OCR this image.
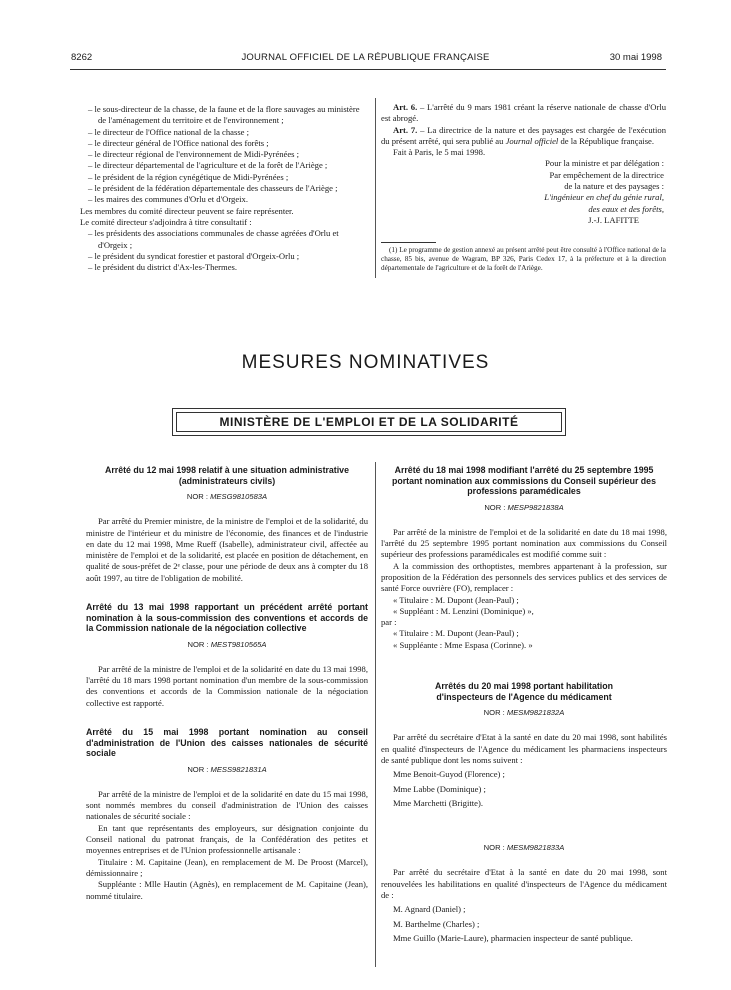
8262	JOURNAL OFFICIEL DE LA RÉPUBLIQUE FRANÇAISE	30 mai 1998
– le sous-directeur de la chasse, de la faune et de la flore sauvages au ministère de l'aménagement du territoire et de l'environnement ;
– le directeur de l'Office national de la chasse ;
– le directeur général de l'Office national des forêts ;
– le directeur régional de l'environnement de Midi-Pyrénées ;
– le directeur départemental de l'agriculture et de la forêt de l'Ariège ;
– le président de la région cynégétique de Midi-Pyrénées ;
– le président de la fédération départementale des chasseurs de l'Ariège ;
– les maires des communes d'Orlu et d'Orgeix.
Les membres du comité directeur peuvent se faire représenter.
Le comité directeur s'adjoindra à titre consultatif :
– les présidents des associations communales de chasse agréées d'Orlu et d'Orgeix ;
– le président du syndicat forestier et pastoral d'Orgeix-Orlu ;
– le président du district d'Ax-les-Thermes.
Art. 6. – L'arrêté du 9 mars 1981 créant la réserve nationale de chasse d'Orlu est abrogé.
Art. 7. – La directrice de la nature et des paysages est chargée de l'exécution du présent arrêté, qui sera publié au Journal officiel de la République française.
Fait à Paris, le 5 mai 1998.
Pour la ministre et par délégation :
Par empêchement de la directrice
de la nature et des paysages :
L'ingénieur en chef du génie rural,
des eaux et des forêts,
J.-J. LAFITTE
(1) Le programme de gestion annexé au présent arrêté peut être consulté à l'Office national de la chasse, 85 bis, avenue de Wagram, BP 326, Paris Cedex 17, à la préfecture et à la direction départementale de l'agriculture et de la forêt de l'Ariège.
MESURES NOMINATIVES
MINISTÈRE DE L'EMPLOI ET DE LA SOLIDARITÉ
Arrêté du 12 mai 1998 relatif à une situation administrative (administrateurs civils)
NOR : MESG9810583A
Par arrêté du Premier ministre, de la ministre de l'emploi et de la solidarité, du ministre de l'intérieur et du ministre de l'économie, des finances et de l'industrie en date du 12 mai 1998, Mme Rueff (Isabelle), administrateur civil, affectée au ministère de l'emploi et de la solidarité, est placée en position de détachement, en qualité de sous-préfet de 2ᵉ classe, pour une période de deux ans à compter du 18 août 1997, au titre de l'obligation de mobilité.
Arrêté du 13 mai 1998 rapportant un précédent arrêté portant nomination à la sous-commission des conventions et accords de la Commission nationale de la négociation collective
NOR : MEST9810565A
Par arrêté de la ministre de l'emploi et de la solidarité en date du 13 mai 1998, l'arrêté du 18 mars 1998 portant nomination d'un membre de la sous-commission des conventions et accords de la Commission nationale de la négociation collective est rapporté.
Arrêté du 15 mai 1998 portant nomination au conseil d'administration de l'Union des caisses nationales de sécurité sociale
NOR : MESS9821831A
Par arrêté de la ministre de l'emploi et de la solidarité en date du 15 mai 1998, sont nommés membres du conseil d'administration de l'Union des caisses nationales de sécurité sociale :
En tant que représentants des employeurs, sur désignation conjointe du Conseil national du patronat français, de la Confédération des petites et moyennes entreprises et de l'Union professionnelle artisanale :
Titulaire : M. Capitaine (Jean), en remplacement de M. De Proost (Marcel), démissionnaire ;
Suppléante : Mlle Hautin (Agnès), en remplacement de M. Capitaine (Jean), nommé titulaire.
Arrêté du 18 mai 1998 modifiant l'arrêté du 25 septembre 1995 portant nomination aux commissions du Conseil supérieur des professions paramédicales
NOR : MESP9821838A
Par arrêté de la ministre de l'emploi et de la solidarité en date du 18 mai 1998, l'arrêté du 25 septembre 1995 portant nomination aux commissions du Conseil supérieur des professions paramédicales est modifié comme suit :
A la commission des orthoptistes, membres appartenant à la profession, sur proposition de la Fédération des personnels des services publics et des services de santé Force ouvrière (FO), remplacer :
« Titulaire : M. Dupont (Jean-Paul) ;
« Suppléant : M. Lenzini (Dominique) »,
par :
« Titulaire : M. Dupont (Jean-Paul) ;
« Suppléante : Mme Espasa (Corinne). »
Arrêtés du 20 mai 1998 portant habilitation d'inspecteurs de l'Agence du médicament
NOR : MESM9821832A
Par arrêté du secrétaire d'Etat à la santé en date du 20 mai 1998, sont habilités en qualité d'inspecteurs de l'Agence du médicament les pharmaciens inspecteurs de santé publique dont les noms suivent :
Mme Benoit-Guyod (Florence) ;
Mme Labbe (Dominique) ;
Mme Marchetti (Brigitte).
NOR : MESM9821833A
Par arrêté du secrétaire d'Etat à la santé en date du 20 mai 1998, sont renouvelées les habilitations en qualité d'inspecteurs de l'Agence du médicament de :
M. Agnard (Daniel) ;
M. Barthelme (Charles) ;
Mme Guillo (Marie-Laure), pharmacien inspecteur de santé publique.
